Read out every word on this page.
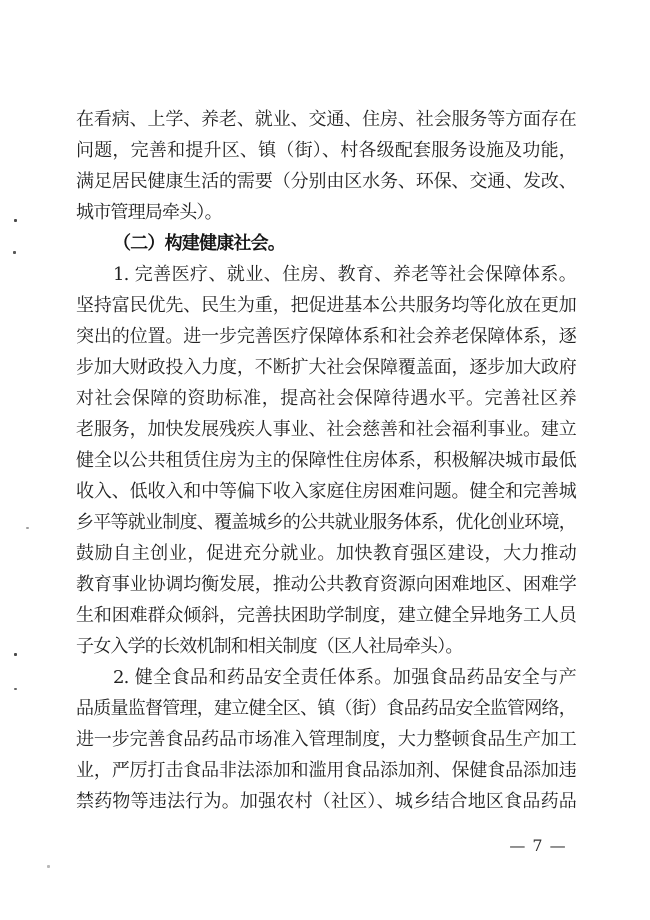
在看病、上学、养老、就业、交通、住房、社会服务等方面存在
问题，完善和提升区、镇（街）、村各级配套服务设施及功能，
满足居民健康生活的需要（分别由区水务、环保、交通、发改、
城市管理局牵头）。
（二）构建健康社会。
1. 完善医疗、就业、住房、教育、养老等社会保障体系。
坚持富民优先、民生为重，把促进基本公共服务均等化放在更加
突出的位置。进一步完善医疗保障体系和社会养老保障体系，逐
步加大财政投入力度，不断扩大社会保障覆盖面，逐步加大政府
对社会保障的资助标准，提高社会保障待遇水平。完善社区养
老服务，加快发展残疾人事业、社会慈善和社会福利事业。建立
健全以公共租赁住房为主的保障性住房体系，积极解决城市最低
收入、低收入和中等偏下收入家庭住房困难问题。健全和完善城
乡平等就业制度、覆盖城乡的公共就业服务体系，优化创业环境，
鼓励自主创业，促进充分就业。加快教育强区建设，大力推动
教育事业协调均衡发展，推动公共教育资源向困难地区、困难学
生和困难群众倾斜，完善扶困助学制度，建立健全异地务工人员
子女入学的长效机制和相关制度（区人社局牵头）。
2. 健全食品和药品安全责任体系。加强食品药品安全与产
品质量监督管理，建立健全区、镇（街）食品药品安全监管网络，
进一步完善食品药品市场准入管理制度，大力整顿食品生产加工
业，严厉打击食品非法添加和滥用食品添加剂、保健食品添加违
禁药物等违法行为。加强农村（社区）、城乡结合地区食品药品
— 7 —
